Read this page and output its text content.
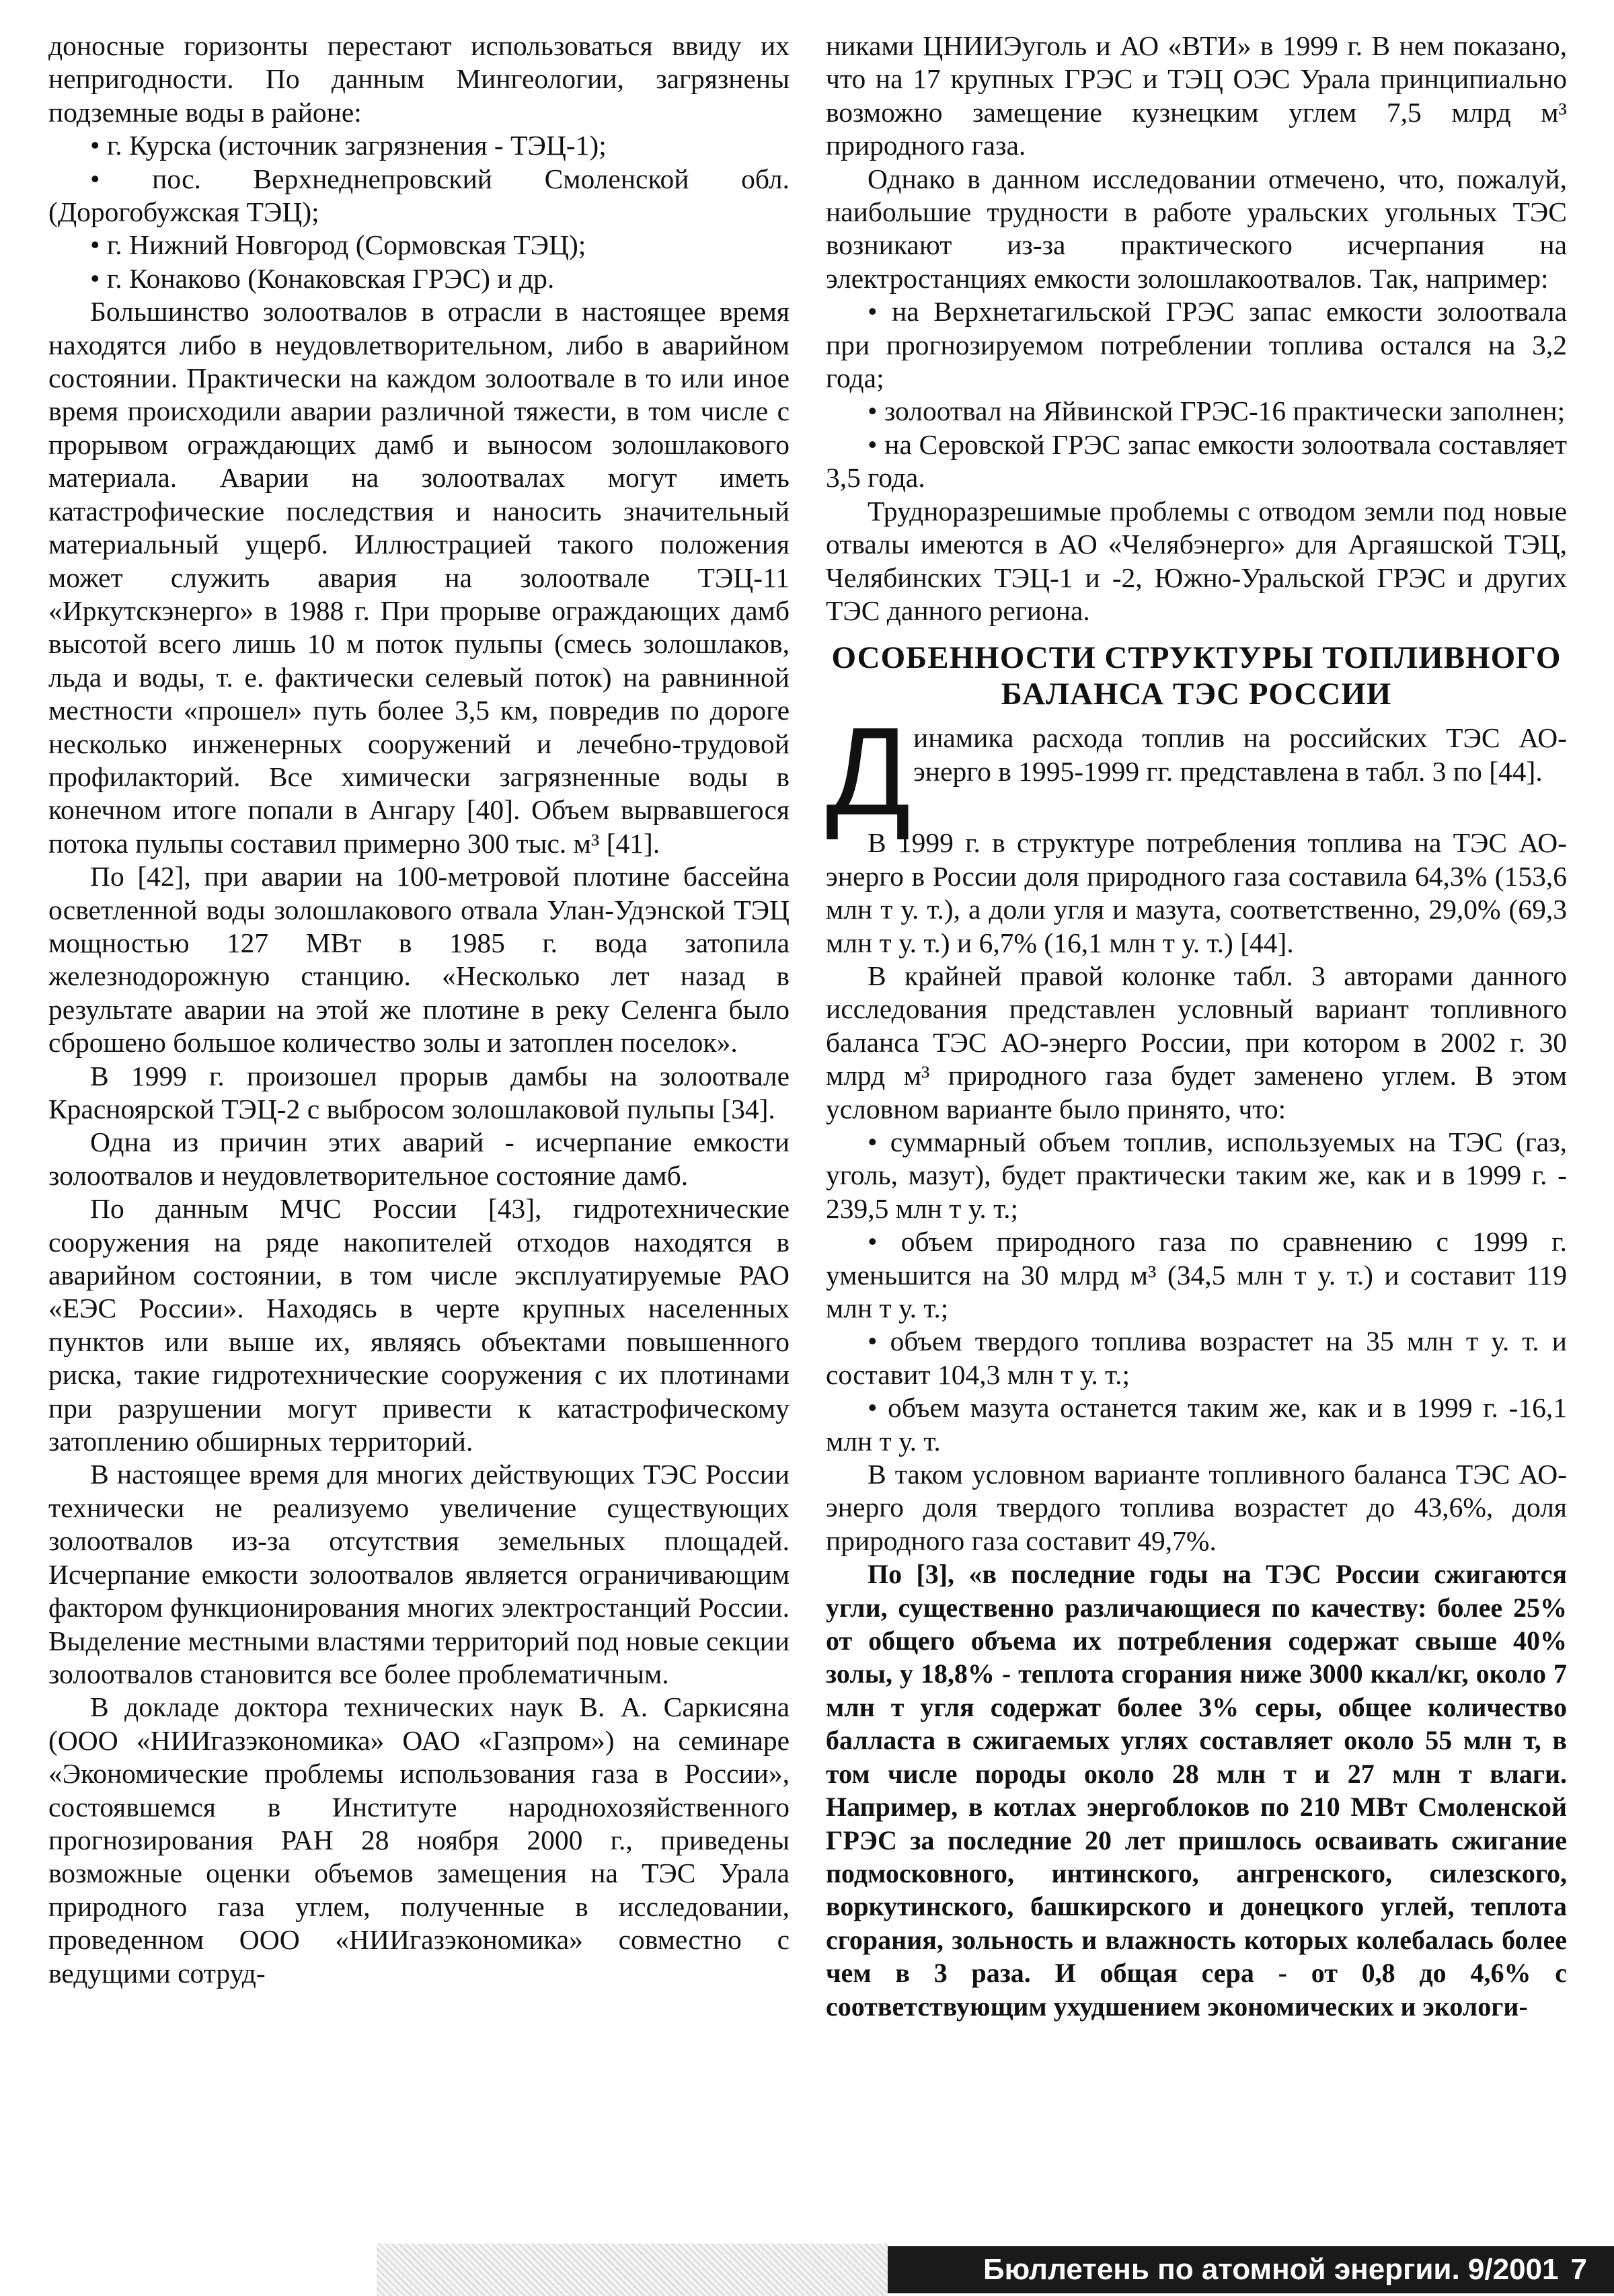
доносные горизонты перестают использоваться ввиду их непригодности. По данным Мингеологии, загрязнены подземные воды в районе:

• г. Курска (источник загрязнения - ТЭЦ-1);

• пос. Верхнеднепровский Смоленской обл. (Дорогобужская ТЭЦ);

• г. Нижний Новгород (Сормовская ТЭЦ);

• г. Конаково (Конаковская ГРЭС) и др.

Большинство золоотвалов в отрасли в настоящее время находятся либо в неудовлетворительном, либо в аварийном состоянии. Практически на каждом золоотвале в то или иное время происходили аварии различной тяжести, в том числе с прорывом ограждающих дамб и выносом золошлакового материала. Аварии на золоотвалах могут иметь катастрофические последствия и наносить значительный материальный ущерб. Иллюстрацией такого положения может служить авария на золоотвале ТЭЦ-11 «Иркутскэнерго» в 1988 г. При прорыве ограждающих дамб высотой всего лишь 10 м поток пульпы (смесь золошлаков, льда и воды, т. е. фактически селевый поток) на равнинной местности «прошел» путь более 3,5 км, повредив по дороге несколько инженерных сооружений и лечебно-трудовой профилакторий. Все химически загрязненные воды в конечном итоге попали в Ангару [40]. Объем вырвавшегося потока пульпы составил примерно 300 тыс. м³ [41].

По [42], при аварии на 100-метровой плотине бассейна осветленной воды золошлакового отвала Улан-Удэнской ТЭЦ мощностью 127 МВт в 1985 г. вода затопила железнодорожную станцию. «Несколько лет назад в результате аварии на этой же плотине в реку Селенга было сброшено большое количество золы и затоплен поселок».

В 1999 г. произошел прорыв дамбы на золоотвале Красноярской ТЭЦ-2 с выбросом золошлаковой пульпы [34].

Одна из причин этих аварий - исчерпание емкости золоотвалов и неудовлетворительное состояние дамб.

По данным МЧС России [43], гидротехнические сооружения на ряде накопителей отходов находятся в аварийном состоянии, в том числе эксплуатируемые РАО «ЕЭС России». Находясь в черте крупных населенных пунктов или выше их, являясь объектами повышенного риска, такие гидротехнические сооружения с их плотинами при разрушении могут привести к катастрофическому затоплению обширных территорий.

В настоящее время для многих действующих ТЭС России технически не реализуемо увеличение существующих золоотвалов из-за отсутствия земельных площадей. Исчерпание емкости золоотвалов является ограничивающим фактором функционирования многих электростанций России. Выделение местными властями территорий под новые секции золоотвалов становится все более проблематичным.

В докладе доктора технических наук В. А. Саркисяна (ООО «НИИгазэкономика» ОАО «Газпром») на семинаре «Экономические проблемы использования газа в России», состоявшемся в Институте народнохозяйственного прогнозирования РАН 28 ноября 2000 г., приведены возможные оценки объемов замещения на ТЭС Урала природного газа углем, полученные в исследовании, проведенном ООО «НИИгазэкономика» совместно с ведущими сотруд-

никами ЦНИИЭуголь и АО «ВТИ» в 1999 г. В нем показано, что на 17 крупных ГРЭС и ТЭЦ ОЭС Урала принципиально возможно замещение кузнецким углем 7,5 млрд м³ природного газа.

Однако в данном исследовании отмечено, что, пожалуй, наибольшие трудности в работе уральских угольных ТЭС возникают из-за практического исчерпания на электростанциях емкости золошлакоотвалов. Так, например:

• на Верхнетагильской ГРЭС запас емкости золоотвала при прогнозируемом потреблении топлива остался на 3,2 года;

• золоотвал на Яйвинской ГРЭС-16 практически заполнен;

• на Серовской ГРЭС запас емкости золоотвала составляет 3,5 года.

Трудноразрешимые проблемы с отводом земли под новые отвалы имеются в АО «Челябэнерго» для Аргаяшской ТЭЦ, Челябинских ТЭЦ-1 и -2, Южно-Уральской ГРЭС и других ТЭС данного региона.

ОСОБЕННОСТИ СТРУКТУРЫ ТОПЛИВНОГО БАЛАНСА ТЭС РОССИИ
Д инамика расхода топлив на российских ТЭС АО-энерго в 1995-1999 гг. представлена в табл. 3 по [44].

В 1999 г. в структуре потребления топлива на ТЭС АО-энерго в России доля природного газа составила 64,3% (153,6 млн т у. т.), а доли угля и мазута, соответственно, 29,0% (69,3 млн т у. т.) и 6,7% (16,1 млн т у. т.) [44].

В крайней правой колонке табл. 3 авторами данного исследования представлен условный вариант топливного баланса ТЭС АО-энерго России, при котором в 2002 г. 30 млрд м³ природного газа будет заменено углем. В этом условном варианте было принято, что:

• суммарный объем топлив, используемых на ТЭС (газ, уголь, мазут), будет практически таким же, как и в 1999 г. - 239,5 млн т у. т.;

• объем природного газа по сравнению с 1999 г. уменьшится на 30 млрд м³ (34,5 млн т у. т.) и составит 119 млн т у. т.;

• объем твердого топлива возрастет на 35 млн т у. т. и составит 104,3 млн т у. т.;

• объем мазута останется таким же, как и в 1999 г. -16,1 млн т у. т.

В таком условном варианте топливного баланса ТЭС АО-энерго доля твердого топлива возрастет до 43,6%, доля природного газа составит 49,7%.

По [3], «в последние годы на ТЭС России сжигаются угли, существенно различающиеся по качеству: более 25% от общего объема их потребления содержат свыше 40% золы, у 18,8% - теплота сгорания ниже 3000 ккал/кг, около 7 млн т угля содержат более 3% серы, общее количество балласта в сжигаемых углях составляет около 55 млн т, в том числе породы около 28 млн т и 27 млн т влаги. Например, в котлах энергоблоков по 210 МВт Смоленской ГРЭС за последние 20 лет пришлось осваивать сжигание подмосковного, интинского, ангренского, силезского, воркутинского, башкирского и донецкого углей, теплота сгорания, зольность и влажность которых колебалась более чем в 3 раза. И общая сера - от 0,8 до 4,6% с соответствующим ухудшением экономических и экологи-

Бюллетень по атомной энергии. 9/2001 7
